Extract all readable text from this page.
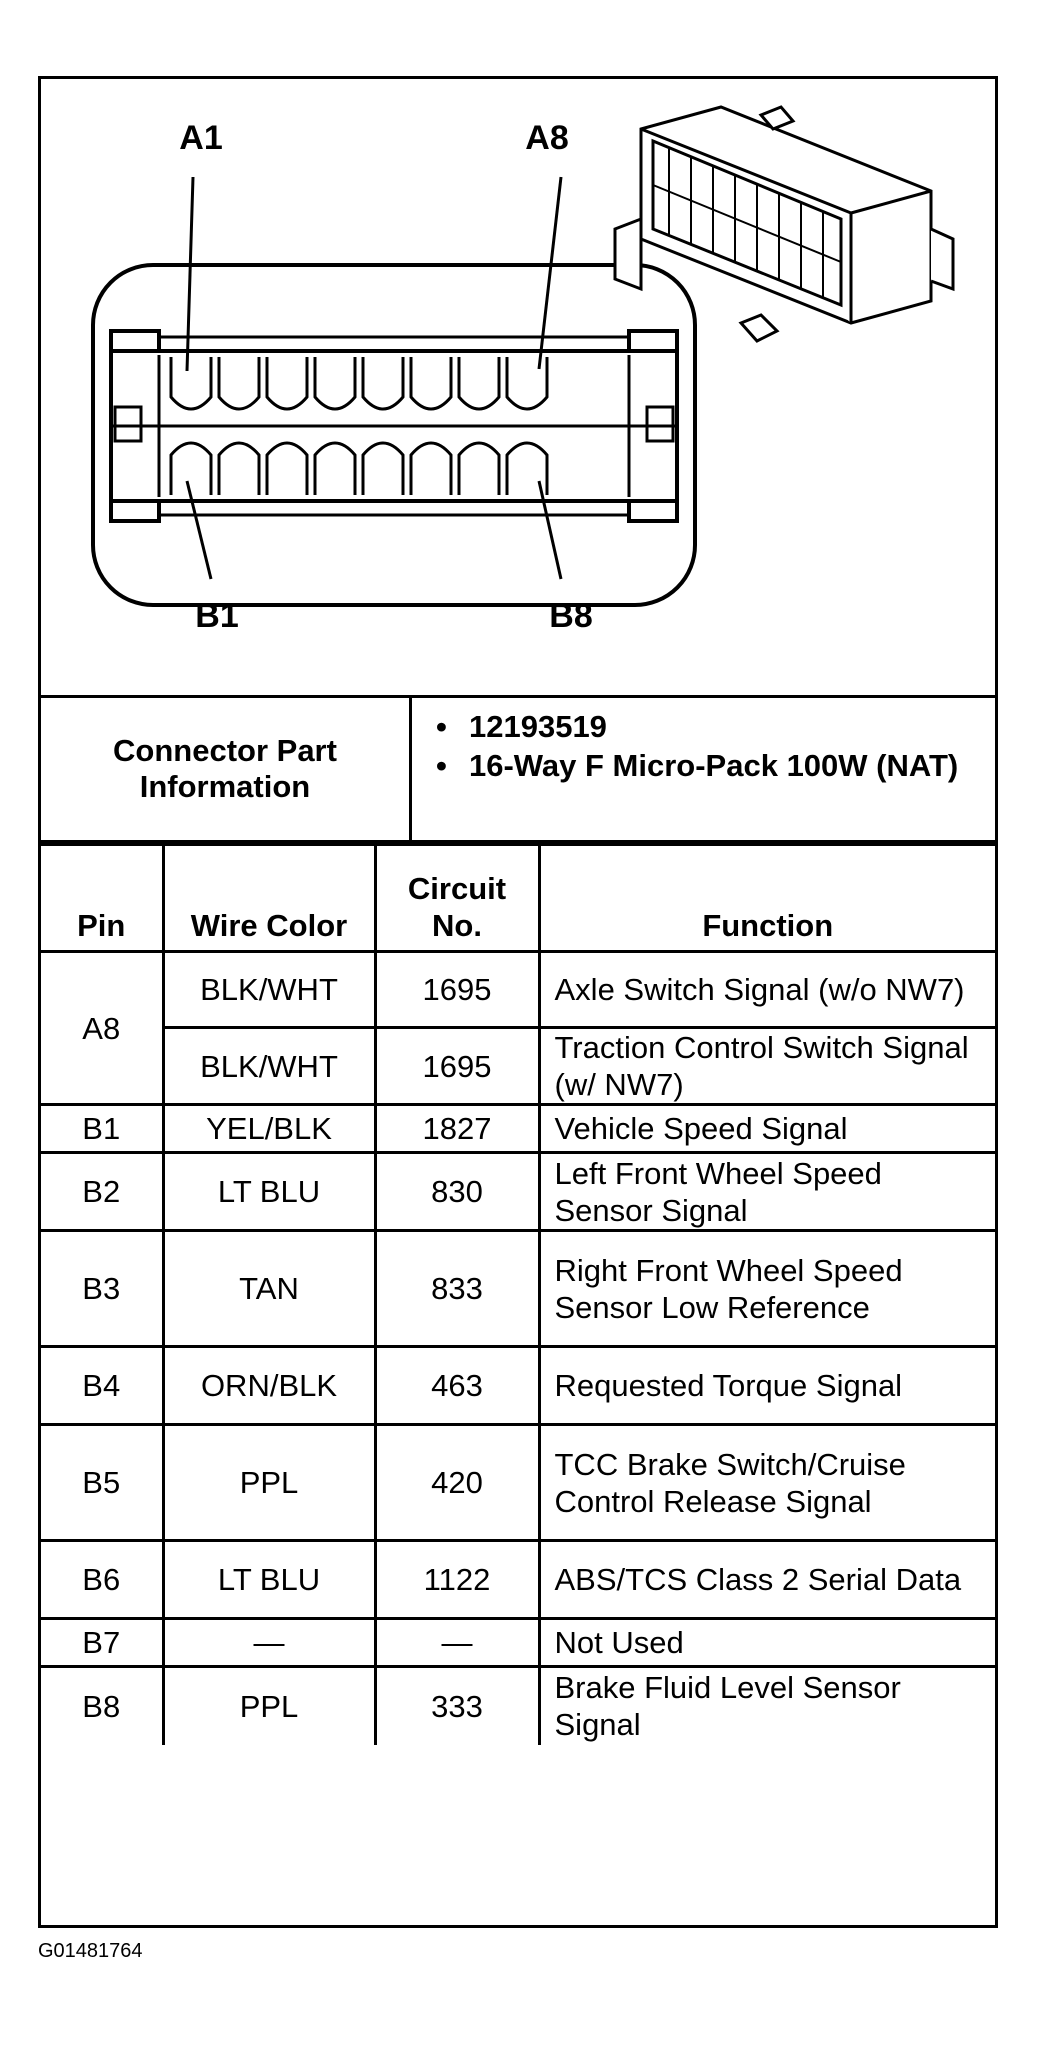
A1	A8
B1	B8
Connector Part Information
• 12193519
• 16-Way F Micro-Pack 100W (NAT)
Pin	Wire Color	Circuit No.	Function
A8	BLK/WHT	1695	Axle Switch Signal (w/o NW7)
	BLK/WHT	1695	Traction Control Switch Signal (w/ NW7)
B1	YEL/BLK	1827	Vehicle Speed Signal
B2	LT BLU	830	Left Front Wheel Speed Sensor Signal
B3	TAN	833	Right Front Wheel Speed Sensor Low Reference
B4	ORN/BLK	463	Requested Torque Signal
B5	PPL	420	TCC Brake Switch/Cruise Control Release Signal
B6	LT BLU	1122	ABS/TCS Class 2 Serial Data
B7	—	—	Not Used
B8	PPL	333	Brake Fluid Level Sensor Signal
G01481764
